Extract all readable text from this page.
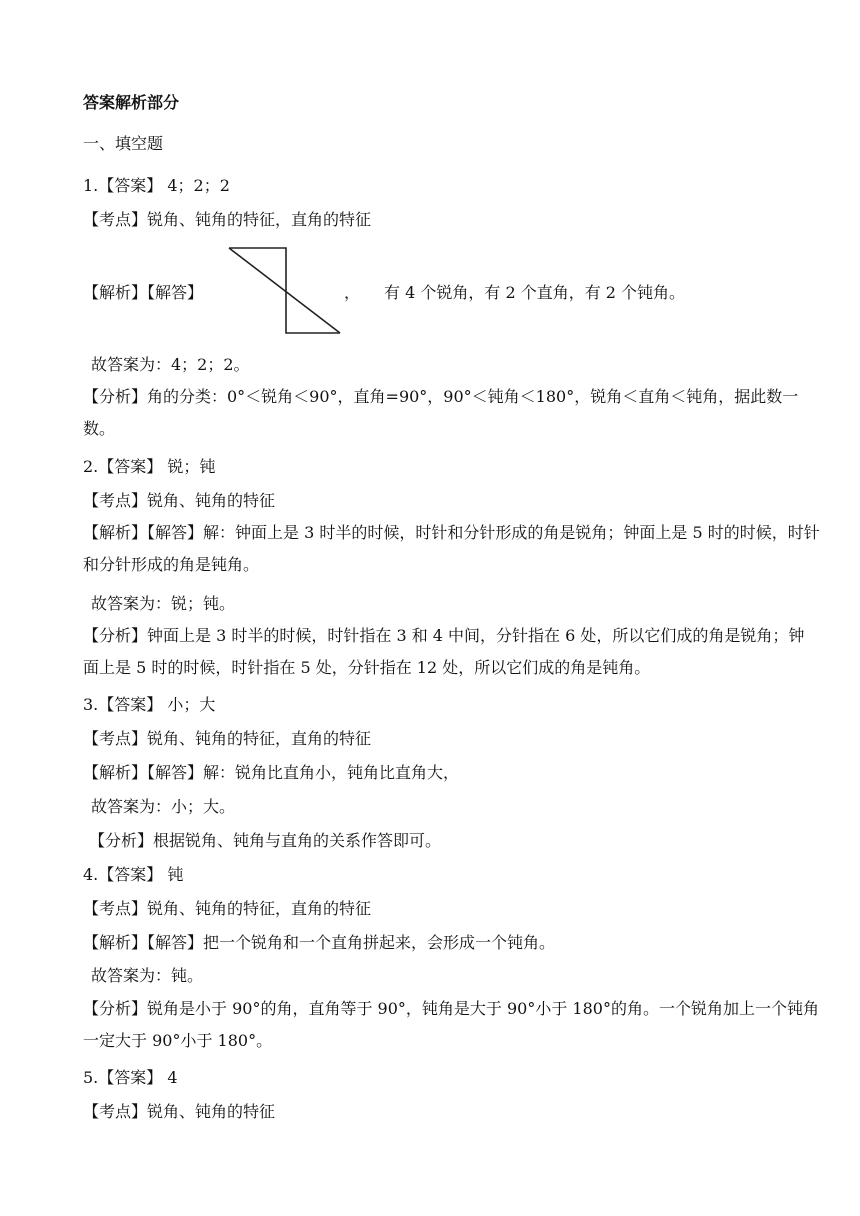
答案解析部分
一、填空题
1.【答案】 4；2；2
【考点】锐角、钝角的特征，直角的特征
【解析】【解答】	，　　有 4 个锐角，有 2 个直角，有 2 个钝角。
故答案为：4；2；2。
【分析】角的分类：0°＜锐角＜90°，直角=90°，90°＜钝角＜180°，锐角＜直角＜钝角，据此数一数。
2.【答案】 锐；钝
【考点】锐角、钝角的特征
【解析】【解答】解：钟面上是 3 时半的时候，时针和分针形成的角是锐角；钟面上是 5 时的时候，时针和分针形成的角是钝角。
故答案为：锐；钝。
【分析】钟面上是 3 时半的时候，时针指在 3 和 4 中间，分针指在 6 处，所以它们成的角是锐角；钟面上是 5 时的时候，时针指在 5 处，分针指在 12 处，所以它们成的角是钝角。
3.【答案】 小；大
【考点】锐角、钝角的特征，直角的特征
【解析】【解答】解：锐角比直角小，钝角比直角大，
故答案为：小；大。
【分析】根据锐角、钝角与直角的关系作答即可。
4.【答案】 钝
【考点】锐角、钝角的特征，直角的特征
【解析】【解答】把一个锐角和一个直角拼起来，会形成一个钝角。
故答案为：钝。
【分析】锐角是小于 90°的角，直角等于 90°，钝角是大于 90°小于 180°的角。一个锐角加上一个钝角一定大于 90°小于 180°。
5.【答案】 4
【考点】锐角、钝角的特征
